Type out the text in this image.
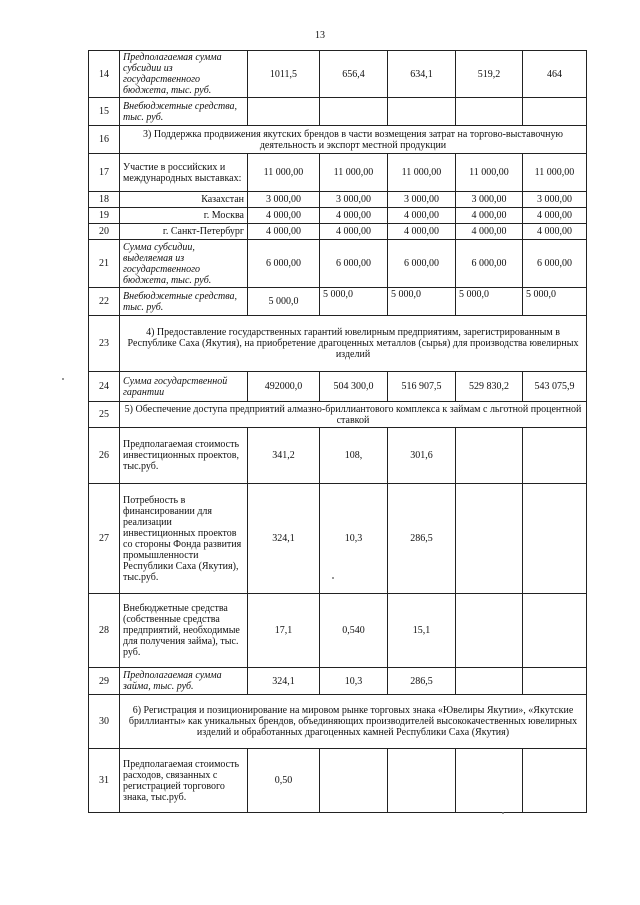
13
14	Предполагаемая сумма субсидии из государственного бюджета, тыс. руб.	1011,5	656,4	634,1	519,2	464
15	Внебюджетные средства, тыс. руб.					
16	3) Поддержка продвижения якутских брендов в части возмещения затрат на торгово-выставочную деятельность и экспорт местной продукции					
17	Участие в российских и международных выставках:	11 000,00	11 000,00	11 000,00	11 000,00	11 000,00
18	Казахстан	3 000,00	3 000,00	3 000,00	3 000,00	3 000,00
19	г. Москва	4 000,00	4 000,00	4 000,00	4 000,00	4 000,00
20	г. Санкт-Петербург	4 000,00	4 000,00	4 000,00	4 000,00	4 000,00
21	Сумма субсидии, выделяемая из государственного бюджета, тыс. руб.	6 000,00	6 000,00	6 000,00	6 000,00	6 000,00
22	Внебюджетные средства, тыс. руб.	5 000,0	5 000,0	5 000,0	5 000,0	5 000,0
23	4) Предоставление государственных гарантий ювелирным предприятиям, зарегистрированным в Республике Саха (Якутия), на приобретение драгоценных металлов (сырья) для производства ювелирных изделий					
24	Сумма государственной гарантии	492000,0	504 300,0	516 907,5	529 830,2	543 075,9
25	5) Обеспечение доступа предприятий алмазно-бриллиантового комплекса к займам с льготной процентной ставкой					
26	Предполагаемая стоимость инвестиционных проектов, тыс.руб.	341,2	108,	301,6		
27	Потребность в финансировании для реализации инвестиционных проектов со стороны Фонда развития промышленности Республики Саха (Якутия), тыс.руб.	324,1	10,3	286,5		
28	Внебюджетные средства (собственные средства предприятий, необходимые для получения займа), тыс. руб.	17,1	0,540	15,1		
29	Предполагаемая сумма займа, тыс. руб.	324,1	10,3	286,5		
30	6) Регистрация и позиционирование на мировом рынке торговых знака «Ювелиры Якутии», «Якутские бриллианты» как уникальных брендов, объединяющих производителей высококачественных ювелирных изделий и обработанных драгоценных камней Республики Саха (Якутия)					
31	Предполагаемая стоимость расходов, связанных с регистрацией торгового знака, тыс.руб.	0,50				
